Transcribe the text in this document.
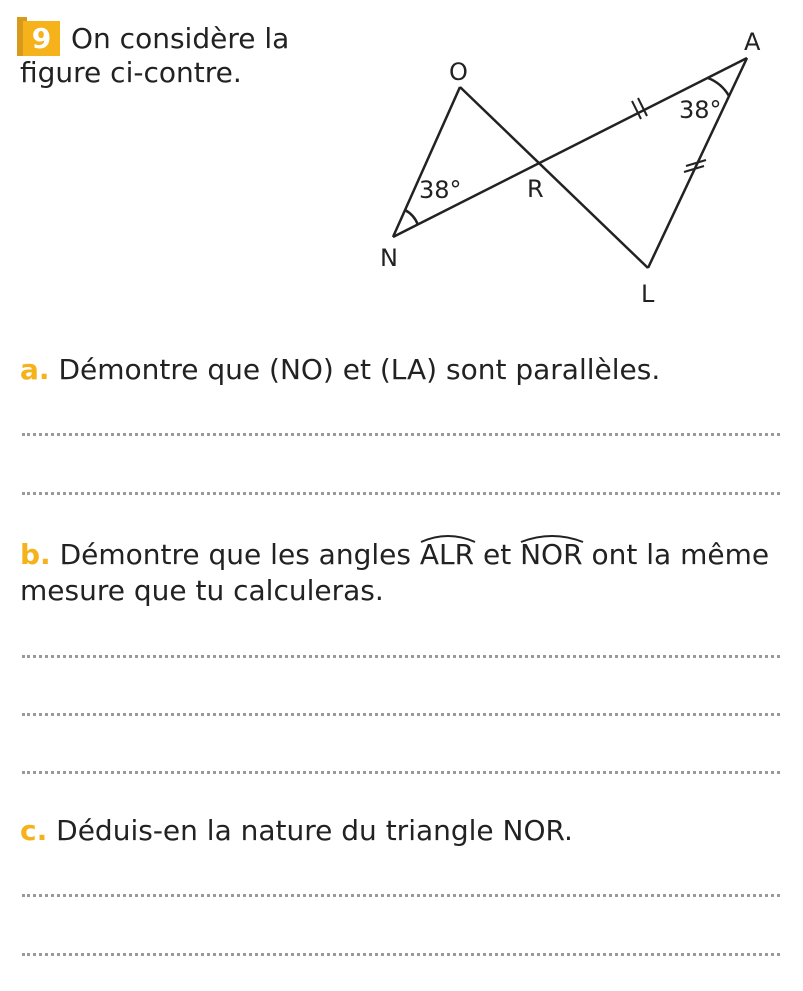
9 On considère la
figure ci-contre.
A
O
N
R
L
38°
38°
a. Démontre que (NO) et (LA) sont parallèles.
b. Démontre que les angles ALR et NOR ont la même
mesure que tu calculeras.
c. Déduis-en la nature du triangle NOR.
